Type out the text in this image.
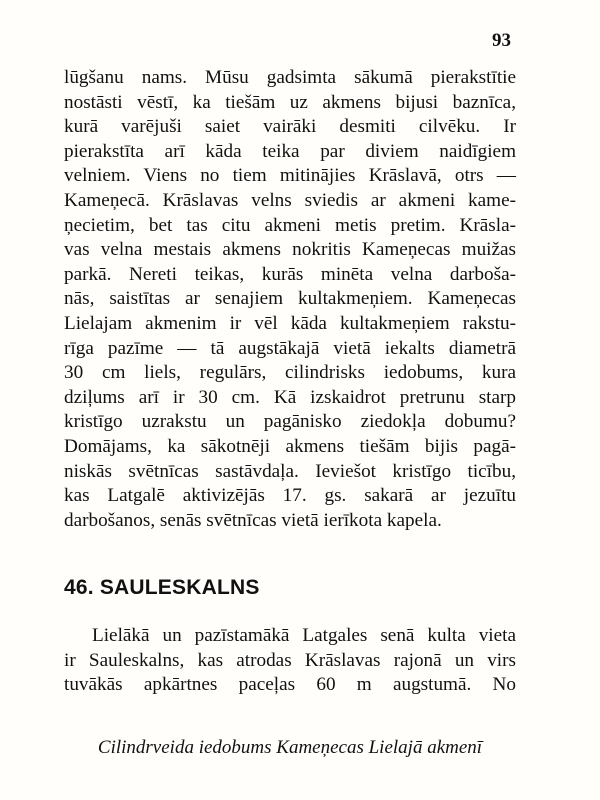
93
lūgšanu nams. Mūsu gadsimta sākumā pierakstītie
nostāsti vēstī, ka tiešām uz akmens bijusi baznīca,
kurā varējuši saiet vairāki desmiti cilvēku. Ir
pierakstīta arī kāda teika par diviem naidīgiem
velniem. Viens no tiem mitinājies Krāslavā, otrs —
Kameņecā. Krāslavas velns sviedis ar akmeni kame-
ņecietim, bet tas citu akmeni metis pretim. Krāsla-
vas velna mestais akmens nokritis Kameņecas muižas
parkā. Nereti teikas, kurās minēta velna darboša-
nās, saistītas ar senajiem kultakmeņiem. Kameņecas
Lielajam akmenim ir vēl kāda kultakmeņiem rakstu-
rīga pazīme — tā augstākajā vietā iekalts diametrā
30 cm liels, regulārs, cilindrisks iedobums, kura
dziļums arī ir 30 cm. Kā izskaidrot pretrunu starp
kristīgo uzrakstu un pagānisko ziedokļa dobumu?
Domājams, ka sākotnēji akmens tiešām bijis pagā-
niskās svētnīcas sastāvdaļa. Ieviešot kristīgo ticību,
kas Latgalē aktivizējās 17. gs. sakarā ar jezuītu
darbošanos, senās svētnīcas vietā ierīkota kapela.
46. SAULESKALNS
Lielākā un pazīstamākā Latgales senā kulta vieta
ir Sauleskalns, kas atrodas Krāslavas rajonā un virs
tuvākās apkārtnes paceļas 60 m augstumā. No

Cilindrveida iedobums Kameņecas Lielajā akmenī
